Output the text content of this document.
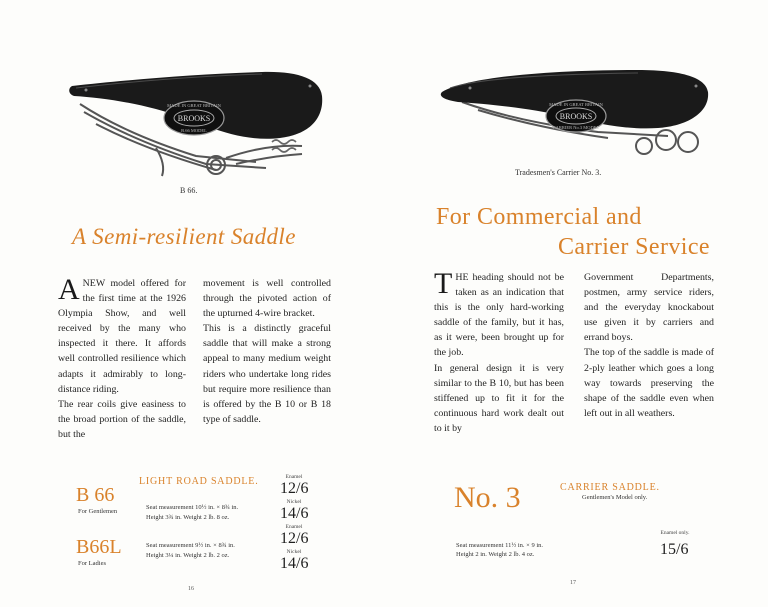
MADE IN GREAT BRITAIN
BROOKS
B.66 MODEL
B 66.
A Semi-resilient Saddle
A NEW model offered for the first time at the 1926 Olympia Show, and well received by the many who inspected it there. It affords well controlled resilience which adapts it admirably to long-distance riding.

The rear coils give easiness to the broad portion of the saddle, but the

movement is well controlled through the pivoted action of the upturned 4-wire bracket.

This is a distinctly graceful saddle that will make a strong appeal to many medium weight riders who undertake long rides but require more resilience than is offered by the B 10 or B 18 type of saddle.

LIGHT ROAD SADDLE.
B 66
For Gentlemen
Seat measurement 10½ in. × 8¾ in.
Height 3¾ in. Weight 2 lb. 8 oz.
Enamel
12/6
Nickel
14/6
B66L
For Ladies
Seat measurement 9½ in. × 8¾ in.
Height 3¼ in. Weight 2 lb. 2 oz.
Enamel
12/6
Nickel
14/6
16
MADE IN GREAT BRITAIN
BROOKS
CARRIER No.3 MODEL
Tradesmen's Carrier No. 3.
For Commercial and
Carrier Service
T HE heading should not be taken as an indication that this is the only hard-working saddle of the family, but it has, as it were, been brought up for the job.

In general design it is very similar to the B 10, but has been stiffened up to fit it for the continuous hard work dealt out to it by

Government Departments, postmen, army service riders, and the everyday knockabout use given it by carriers and errand boys.

The top of the saddle is made of 2-ply leather which goes a long way towards preserving the shape of the saddle even when left out in all weathers.

No. 3	CARRIER SADDLE.
Gentlemen's Model only.
Seat measurement 11½ in. × 9 in.
Height 2 in. Weight 2 lb. 4 oz.
Enamel only.
15/6
17
